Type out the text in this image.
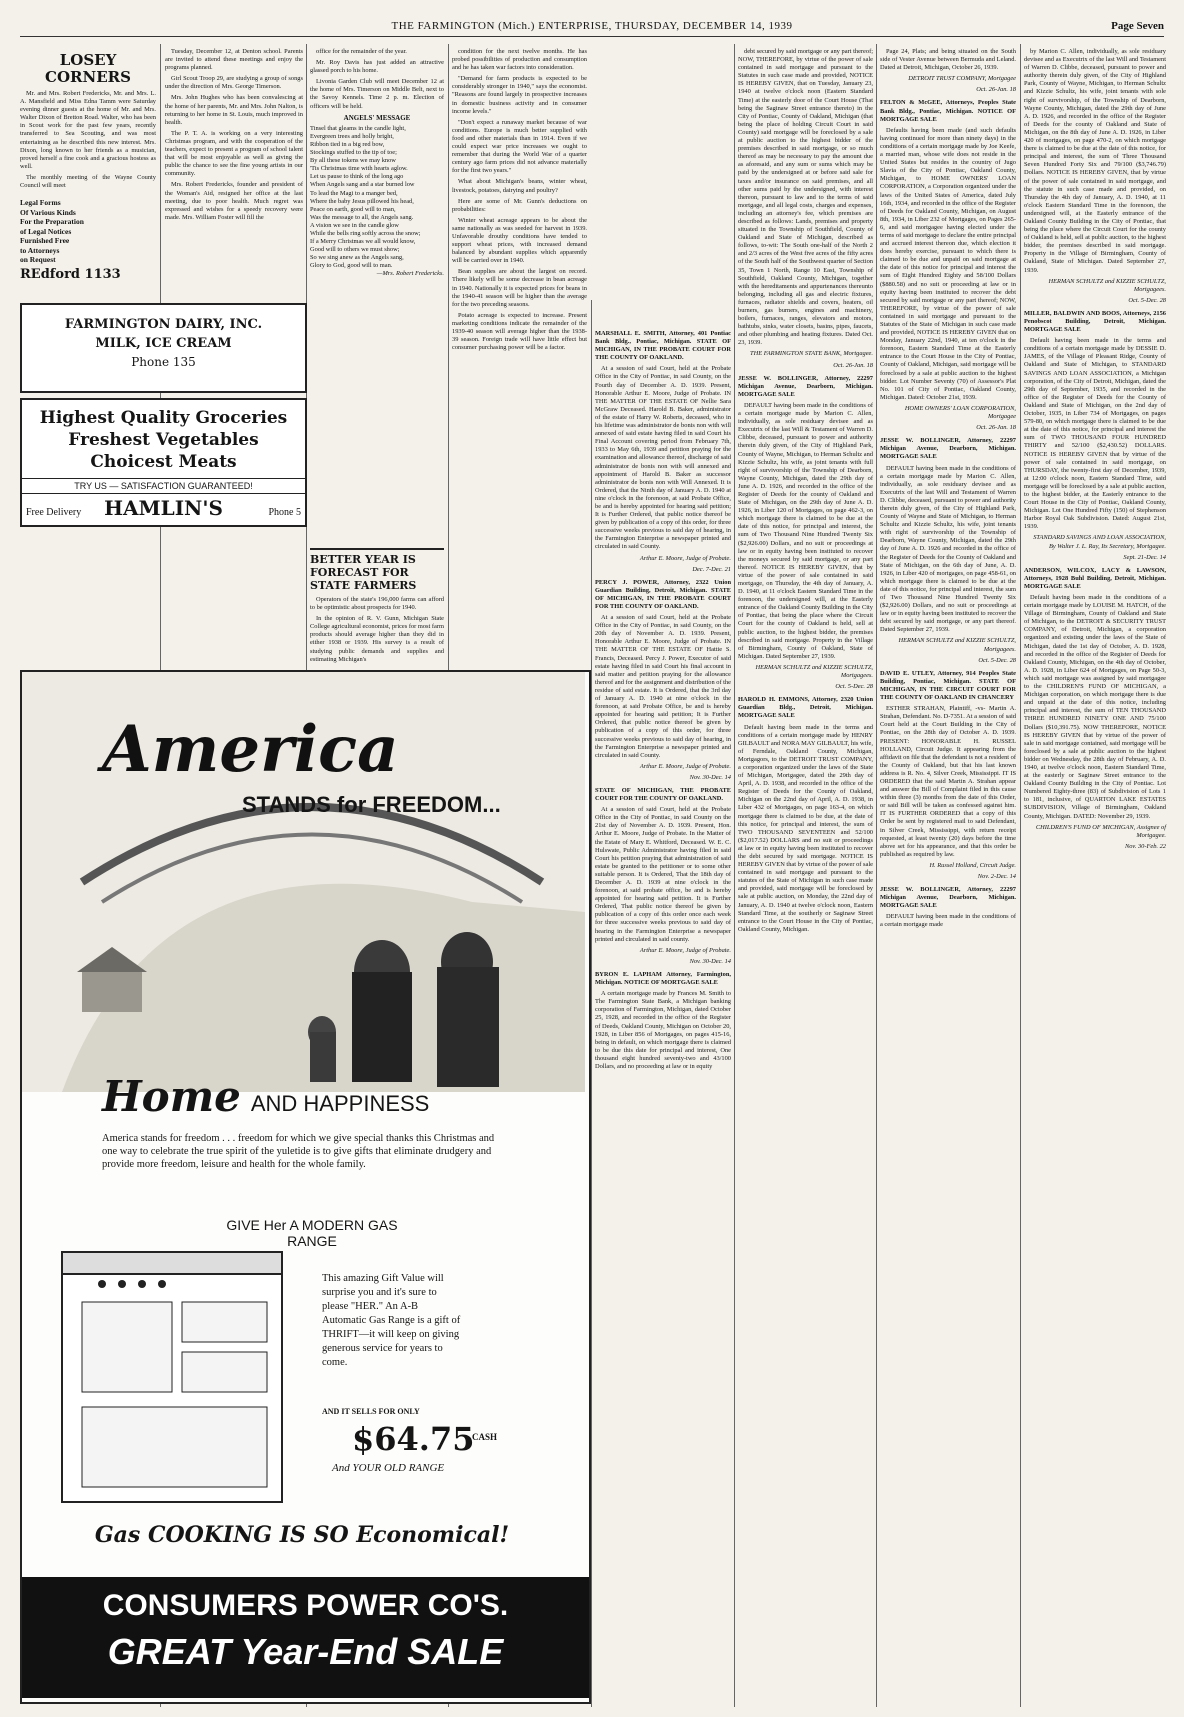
THE FARMINGTON (Mich.) ENTERPRISE, THURSDAY, DECEMBER 14, 1939	Page Seven
LOSEY CORNERS

Mr. and Mrs. Robert Fredericks, Mr. and Mrs. L. A. Mansfield and Miss Edna Tamm were Saturday evening dinner guests at the home of Mr. and Mrs. Walter Dixon of Bretton Road. Walter, who has been in Scout work for the past few years, recently transferred to Sea Scouting, and was most entertaining as he described this new interest. Mrs. Dixon, long known to her friends as a musician, proved herself a fine cook and a gracious hostess as well.

The monthly meeting of the Wayne County Council will meet

Legal Forms
Of Various Kinds
For the Preparation
of Legal Notices
Furnished Free
to Attorneys
on Request
REdford 1133

Tuesday, December 12, at Denton school. Parents are invited to attend these meetings and enjoy the programs planned.

Girl Scout Troop 29, are studying a group of songs under the direction of Mrs. George Timerson.

Mrs. John Hughes who has been convalescing at the home of her parents, Mr. and Mrs. John Nalton, is returning to her home in St. Louis, much improved in health.

The P. T. A. is working on a very interesting Christmas program, and with the cooperation of the teachers, expect to present a program of school talent that will be most enjoyable as well as giving the public the chance to see the fine young artists in our community.

Mrs. Robert Fredericks, founder and president of the Woman's Aid, resigned her office at the last meeting, due to poor health. Much regret was expressed and wishes for a speedy recovery were made. Mrs. William Foster will fill the

office for the remainder of the year.

Mr. Roy Davis has just added an attractive glassed porch to his home.

Livonia Garden Club will meet December 12 at the home of Mrs. Timerson on Middle Belt, next to the Savoy Kennels. Time 2 p. m. Election of officers will be held.

ANGELS' MESSAGE
Tinsel that gleams in the candle light,
Evergreen trees and holly bright,
Ribbon tied in a big red bow,
Stockings stuffed to the tip of toe;
By all these tokens we may know
'Tis Christmas time with hearts aglow.
Let us pause to think of the long ago
When Angels sang and a star burned low
To lead the Magi to a manger bed,
Where the baby Jesus pillowed his head,
Peace on earth, good will to man,
Was the message to all, the Angels sang.
A vision we see in the candle glow
While the bells ring softly across the snow;
If a Merry Christmas we all would know,
Good will to others we must show;
So we sing anew as the Angels sang,
Glory to God, good will to man.
—Mrs. Robert Fredericks.
FARMINGTON DAIRY, INC.
MILK, ICE CREAM
Phone 135
Highest Quality Groceries
Freshest Vegetables
Choicest Meats
TRY US — SATISFACTION GUARANTEED!
Free Delivery	HAMLIN'S	Phone 5

condition for the next twelve months. He has probed possibilities of production and consumption and he has taken war factors into consideration.

"Demand for farm products is expected to be considerably stronger in 1940," says the economist. "Reasons are found largely in prospective increases in domestic business activity and in consumer income levels."

"Don't expect a runaway market because of war conditions. Europe is much better supplied with food and other materials than in 1914. Even if we could expect war price increases we ought to remember that during the World War of a quarter century ago farm prices did not advance materially for the first two years."

What about Michigan's beans, winter wheat, livestock, potatoes, dairying and poultry?

Here are some of Mr. Gunn's deductions on probabilities:

Winter wheat acreage appears to be about the same nationally as was seeded for harvest in 1939. Unfavorable drouthy conditions have tended to support wheat prices, with increased demand balanced by abundant supplies which apparently will be carried over in 1940.

Bean supplies are about the largest on record. There likely will be some decrease in bean acreage in 1940. Nationally it is expected prices for beans in the 1940-41 season will be higher than the average for the two preceding seasons.

Potato acreage is expected to increase. Present marketing conditions indicate the remainder of the 1939-40 season will average higher than the 1938-39 season. Foreign trade will have little effect but consumer purchasing power will be a factor.

BETTER YEAR IS FORECAST FOR STATE FARMERS

Operators of the state's 196,000 farms can afford to be optimistic about prospects for 1940.

In the opinion of R. V. Gunn, Michigan State College agricultural economist, prices for most farm products should average higher than they did in either 1938 or 1939. His survey is a result of studying public demands and supplies and estimating Michigan's

America
STANDS for FREEDOM...
Home AND HAPPINESS
America stands for freedom . . . freedom for which we give special thanks this Christmas and one way to celebrate the true spirit of the yuletide is to give gifts that eliminate drudgery and provide more freedom, leisure and health for the whole family.
GIVE Her A MODERN GAS RANGE
This amazing Gift Value will surprise you and it's sure to please "HER." An A-B Automatic Gas Range is a gift of THRIFT—it will keep on giving generous service for years to come.
AND IT SELLS FOR ONLY
$64.75
CASH
And YOUR OLD RANGE
Gas COOKING IS SO Economical!
CONSUMERS POWER CO'S.
GREAT Year-End SALE

MARSHALL E. SMITH, Attorney, 401 Pontiac Bank Bldg., Pontiac, Michigan. STATE OF MICHIGAN, IN THE PROBATE COURT FOR THE COUNTY OF OAKLAND.

At a session of said Court, held at the Probate Office in the City of Pontiac, in said County, on the Fourth day of December A. D. 1939. Present, Honorable Arthur E. Moore, Judge of Probate. IN THE MATTER OF THE ESTATE OF Nellie Sara McGraw Deceased. Harold B. Baker, administrator of the estate of Harry W. Roberts, deceased, who in his lifetime was administrator de bonis non with will annexed of said estate having filed in said Court his Final Account covering period from February 7th, 1933 to May 6th, 1939 and petition praying for the examination and allowance thereof, discharge of said administrator de bonis non with will annexed and appointment of Harold B. Baker as successor administrator de bonis non with Will Annexed. It is Ordered, that the Ninth day of January A. D. 1940 at nine o'clock in the forenoon, at said Probate Office, be and is hereby appointed for hearing said petition; It is Further Ordered, that public notice thereof be given by publication of a copy of this order, for three successive weeks previous to said day of hearing, in the Farmington Enterprise a newspaper printed and circulated in said County.

Arthur E. Moore, Judge of Probate.

Dec. 7-Dec. 21

PERCY J. POWER, Attorney, 2322 Union Guardian Building, Detroit, Michigan. STATE OF MICHIGAN, IN THE PROBATE COURT FOR THE COUNTY OF OAKLAND.

At a session of said Court, held at the Probate Office in the City of Pontiac, in said County, on the 20th day of November A. D. 1939. Present, Honorable Arthur E. Moore, Judge of Probate. IN THE MATTER OF THE ESTATE OF Hattie S. Francis, Deceased. Percy J. Power, Executor of said estate having filed in said Court his final account in said matter and petition praying for the allowance thereof and for the assignment and distribution of the residue of said estate. It is Ordered, that the 3rd day of January A. D. 1940 at nine o'clock in the forenoon, at said Probate Office, be and is hereby appointed for hearing said petition; It is Further Ordered, that public notice thereof be given by publication of a copy of this order, for three successive weeks previous to said day of hearing, in the Farmington Enterprise a newspaper printed and circulated in said County.

Arthur E. Moore, Judge of Probate.

Nov. 30-Dec. 14

STATE OF MICHIGAN, THE PROBATE COURT FOR THE COUNTY OF OAKLAND.

At a session of said Court, held at the Probate Office in the City of Pontiac, in said County on the 21st day of November A. D. 1939. Present, Hon. Arthur E. Moore, Judge of Probate. In the Matter of the Estate of Mary E. Whitford, Deceased. W. E. C. Hulswate, Public Administrator having filed in said Court his petition praying that administration of said estate be granted to the petitioner or to some other suitable person. It is Ordered, That the 18th day of December A. D. 1939 at nine o'clock in the forenoon, at said probate office, be and is hereby appointed for hearing said petition. It is Further Ordered, That public notice thereof be given by publication of a copy of this order once each week for three successive weeks previous to said day of hearing in the Farmington Enterprise a newspaper printed and circulated in said county.

Arthur E. Moore, Judge of Probate.

Nov. 30-Dec. 14

BYRON E. LAPHAM Attorney, Farmington, Michigan. NOTICE OF MORTGAGE SALE

A certain mortgage made by Frances M. Smith to The Farmington State Bank, a Michigan banking corporation of Farmington, Michigan, dated October 25, 1928, and recorded in the office of the Register of Deeds, Oakland County, Michigan on October 20, 1928, in Liber 856 of Mortgages, on pages 415-16, being in default, on which mortgage there is claimed to be due this date for principal and interest, One thousand eight hundred seventy-two and 43/100 Dollars, and no proceeding at law or in equity

debt secured by said mortgage or any part thereof; NOW, THEREFORE, by virtue of the power of sale contained in said mortgage and pursuant to the Statutes in such case made and provided, NOTICE IS HEREBY GIVEN, that on Tuesday, January 23, 1940 at twelve o'clock noon (Eastern Standard Time) at the easterly door of the Court House (That being the Saginaw Street entrance thereto) in the City of Pontiac, County of Oakland, Michigan (that being the place of holding Circuit Court in said County) said mortgage will be foreclosed by a sale at public auction to the highest bidder of the premises described in said mortgage, or so much thereof as may be necessary to pay the amount due as aforesaid, and any sum or sums which may be paid by the undersigned at or before said sale for taxes and/or insurance on said premises, and all other sums paid by the undersigned, with interest thereon, pursuant to law and to the terms of said mortgage, and all legal costs, charges and expenses, including an attorney's fee, which premises are described as follows: Lands, premises and property situated in the Township of Southfield, County of Oakland and State of Michigan, described as follows, to-wit: The South one-half of the North 2 and 2/3 acres of the West five acres of the fifty acres of the South half of the Southwest quarter of Section 35, Town 1 North, Range 10 East, Township of Southfield, Oakland County, Michigan, together with the hereditaments and appurtenances thereunto belonging, including all gas and electric fixtures, furnaces, radiator shields and covers, heaters, oil burners, gas burners, engines and machinery, boilers, furnaces, ranges, elevators and motors, bathtubs, sinks, water closets, basins, pipes, faucets, and other plumbing and heating fixtures. Dated Oct. 23, 1939.

THE FARMINGTON STATE BANK, Mortgagee.

Oct. 26-Jan. 18

JESSE W. BOLLINGER, Attorney, 22297 Michigan Avenue, Dearborn, Michigan. MORTGAGE SALE

DEFAULT having been made in the conditions of a certain mortgage made by Marion C. Allen, individually, as sole residuary devisee and as Executrix of the last Will & Testament of Warren D. Clibbe, deceased, pursuant to power and authority therein duly given, of the City of Highland Park, County of Wayne, Michigan, to Herman Schultz and Kizzie Schultz, his wife, as joint tenants with full right of survivorship of the Township of Dearborn, Wayne County, Michigan, dated the 29th day of June A. D. 1926, and recorded in the office of the Register of Deeds for the county of Oakland and State of Michigan, on the 29th day of June A. D. 1926, in Liber 120 of Mortgages, on page 462-3, on which mortgage there is claimed to be due at the date of this notice, for principal and interest, the sum of Two Thousand Nine Hundred Twenty Six ($2,926.00) Dollars, and no suit or proceedings at law or in equity having been instituted to recover the moneys secured by said mortgage, or any part thereof. NOTICE IS HEREBY GIVEN, that by virtue of the power of sale contained in said mortgage, on Thursday, the 4th day of January, A. D. 1940, at 11 o'clock Eastern Standard Time in the forenoon, the undersigned will, at the Easterly entrance of the Oakland County Building in the City of Pontiac, that being the place where the Circuit Court for the county of Oakland is held, sell at public auction, to the highest bidder, the premises described in said mortgage. Property in the Village of Birmingham, County of Oakland, State of Michigan. Dated September 27, 1939.

HERMAN SCHULTZ and KIZZIE SCHULTZ, Mortgagees.

Oct. 5-Dec. 28

HAROLD H. EMMONS, Attorney, 2320 Union Guardian Bldg., Detroit, Michigan. MORTGAGE SALE

Default having been made in the terms and conditions of a certain mortgage made by HENRY GILBAULT and NORA MAY GILBAULT, his wife, of Ferndale, Oakland County, Michigan, Mortgagors, to the DETROIT TRUST COMPANY, a corporation organized under the laws of the State of Michigan, Mortgagee, dated the 29th day of April, A. D. 1938, and recorded in the office of the Register of Deeds for the County of Oakland, Michigan on the 22nd day of April, A. D. 1938, in Liber 432 of Mortgages, on page 163-4, on which mortgage there is claimed to be due, at the date of this notice, for principal and interest, the sum of TWO THOUSAND SEVENTEEN and 52/100 ($2,017.52) DOLLARS and no suit or proceedings at law or in equity having been instituted to recover the debt secured by said mortgage. NOTICE IS HEREBY GIVEN that by virtue of the power of sale contained in said mortgage and pursuant to the statutes of the State of Michigan in such case made and provided, said mortgage will be foreclosed by sale at public auction, on Monday, the 22nd day of January, A. D. 1940 at twelve o'clock noon, Eastern Standard Time, at the southerly or Saginaw Street entrance to the Court House in the City of Pontiac, Oakland County, Michigan.

Page 24, Plats; and being situated on the South side of Vester Avenue between Bermuda and Leland. Dated at Detroit, Michigan, October 26, 1939.

DETROIT TRUST COMPANY, Mortgagee

Oct. 26-Jan. 18

FELTON & McGEE, Attorneys, Peoples State Bank Bldg., Pontiac, Michigan. NOTICE OF MORTGAGE SALE

Defaults having been made (and such defaults having continued for more than ninety days) in the conditions of a certain mortgage made by Joe Keefe, a married man, whose wife does not reside in the United States but resides in the country of Jugo Slavia of the City of Pontiac, Oakland County, Michigan, to HOME OWNERS' LOAN CORPORATION, a Corporation organized under the laws of the United States of America, dated July 16th, 1934, and recorded in the office of the Register of Deeds for Oakland County, Michigan, on August 8th, 1934, in Liber 232 of Mortgages, on Pages 265-6, and said mortgagee having elected under the terms of said mortgage to declare the entire principal and accrued interest thereon due, which election it does hereby exercise, pursuant to which there is claimed to be due and unpaid on said mortgage at the date of this notice for principal and interest the sum of Eight Hundred Eighty and 58/100 Dollars ($880.58) and no suit or proceeding at law or in equity having been instituted to recover the debt secured by said mortgage or any part thereof; NOW, THEREFORE, by virtue of the power of sale contained in said mortgage and pursuant to the Statutes of the State of Michigan in such case made and provided, NOTICE IS HEREBY GIVEN that on Monday, January 22nd, 1940, at ten o'clock in the forenoon, Eastern Standard Time at the Easterly entrance to the Court House in the City of Pontiac, County of Oakland, Michigan, said mortgage will be foreclosed by a sale at public auction to the highest bidder. Lot Number Seventy (70) of Assessor's Plat No. 101 of City of Pontiac, Oakland County, Michigan. Dated: October 21st, 1939.

HOME OWNERS' LOAN CORPORATION, Mortgagee

Oct. 26-Jan. 18

JESSE W. BOLLINGER, Attorney, 22297 Michigan Avenue, Dearborn, Michigan. MORTGAGE SALE

DEFAULT having been made in the conditions of a certain mortgage made by Marion C. Allen, individually, as sole residuary devisee and as Executrix of the last Will and Testament of Warren D. Clibbe, deceased, pursuant to power and authority therein duly given, of the City of Highland Park, County of Wayne and State of Michigan, to Herman Schultz and Kizzie Schultz, his wife, joint tenants with right of survivorship of the Township of Dearborn, Wayne County, Michigan, dated the 29th day of June A. D. 1926 and recorded in the office of the Register of Deeds for the County of Oakland and State of Michigan, on the 6th day of June, A. D. 1926, in Liber 420 of mortgages, on page 458-61, on which mortgage there is claimed to be due at the date of this notice, for principal and interest, the sum of Two Thousand Nine Hundred Twenty Six ($2,926.00) Dollars, and no suit or proceedings at law or in equity having been instituted to recover the debt secured by said mortgage, or any part thereof. Dated September 27, 1939.

HERMAN SCHULTZ and KIZZIE SCHULTZ, Mortgagees.

Oct. 5-Dec. 28

DAVID E. UTLEY, Attorney, 914 Peoples State Building, Pontiac, Michigan. STATE OF MICHIGAN, IN THE CIRCUIT COURT FOR THE COUNTY OF OAKLAND IN CHANCERY

ESTHER STRAHAN, Plaintiff, -vs- Martin A. Strahan, Defendant. No. D-7351. At a session of said Court held at the Court Building in the City of Pontiac, on the 28th day of October A. D. 1939. PRESENT: HONORABLE H. RUSSEL HOLLAND, Circuit Judge. It appearing from the affidavit on file that the defendant is not a resident of the County of Oakland, but that his last known address is R. No. 4, Silver Creek, Mississippi. IT IS ORDERED that the said Martin A. Strahan appear and answer the Bill of Complaint filed in this cause within three (3) months from the date of this Order, or said Bill will be taken as confessed against him. IT IS FURTHER ORDERED that a copy of this Order be sent by registered mail to said Defendant, in Silver Creek, Mississippi, with return receipt requested, at least twenty (20) days before the time above set for his appearance, and that this order be published as required by law.

H. Russel Holland, Circuit Judge.

Nov. 2-Dec. 14

JESSE W. BOLLINGER, Attorney, 22297 Michigan Avenue, Dearborn, Michigan. MORTGAGE SALE

DEFAULT having been made in the conditions of a certain mortgage made

by Marion C. Allen, individually, as sole residuary devisee and as Executrix of the last Will and Testament of Warren D. Clibbe, deceased, pursuant to power and authority therein duly given, of the City of Highland Park, County of Wayne, Michigan, to Herman Schultz and Kizzie Schultz, his wife, joint tenants with sole right of survivorship, of the Township of Dearborn, Wayne County, Michigan, dated the 29th day of June A. D. 1926, and recorded in the office of the Register of Deeds for the county of Oakland and State of Michigan, on the 8th day of June A. D. 1926, in Liber 420 of mortgages, on page 470-2, on which mortgage there is claimed to be due at the date of this notice, for principal and interest, the sum of Three Thousand Seven Hundred Forty Six and 79/100 ($3,746.79) Dollars. NOTICE IS HEREBY GIVEN, that by virtue of the power of sale contained in said mortgage, and the statute in such case made and provided, on Thursday the 4th day of January, A. D. 1940, at 11 o'clock Eastern Standard Time in the forenoon, the undersigned will, at the Easterly entrance of the Oakland County Building in the City of Pontiac, that being the place where the Circuit Court for the county of Oakland is held, sell at public auction, to the highest bidder, the premises described in said mortgage. Property in the Village of Birmingham, County of Oakland, State of Michigan. Dated September 27, 1939.

HERMAN SCHULTZ and KIZZIE SCHULTZ, Mortgagees.

Oct. 5-Dec. 28

MILLER, BALDWIN AND BOOS, Attorneys, 2156 Penobscot Building, Detroit, Michigan. MORTGAGE SALE

Default having been made in the terms and conditions of a certain mortgage made by DESSIE D. JAMES, of the Village of Pleasant Ridge, County of Oakland and State of Michigan, to STANDARD SAVINGS AND LOAN ASSOCIATION, a Michigan corporation, of the City of Detroit, Michigan, dated the 29th day of September, 1935, and recorded in the office of the Register of Deeds for the County of Oakland and State of Michigan, on the 2nd day of October, 1935, in Liber 734 of Mortgages, on pages 579-80, on which mortgage there is claimed to be due at the date of this notice, for principal and interest the sum of TWO THOUSAND FOUR HUNDRED THIRTY and 52/100 ($2,430.52) DOLLARS. NOTICE IS HEREBY GIVEN that by virtue of the power of sale contained in said mortgage, on THURSDAY, the twenty-first day of December, 1939, at 12:00 o'clock noon, Eastern Standard Time, said mortgage will be foreclosed by a sale at public auction, to the highest bidder, at the Easterly entrance to the Court House in the City of Pontiac, Oakland County, Michigan. Lot One Hundred Fifty (150) of Stephenson Harbor Royal Oak Subdivision. Dated: August 21st, 1939.

STANDARD SAVINGS AND LOAN ASSOCIATION, By Walter J. L. Ray, Its Secretary, Mortgagee.

Sept. 21-Dec. 14

ANDERSON, WILCOX, LACY & LAWSON, Attorneys, 1928 Buhl Building, Detroit, Michigan. MORTGAGE SALE

Default having been made in the conditions of a certain mortgage made by LOUISE M. HATCH, of the Village of Birmingham, County of Oakland and State of Michigan, to the DETROIT & SECURITY TRUST COMPANY, of Detroit, Michigan, a corporation organized and existing under the laws of the State of Michigan, dated the 1st day of October, A. D. 1928, and recorded in the office of the Register of Deeds for Oakland County, Michigan, on the 4th day of October, A. D. 1928, in Liber 624 of Mortgages, on Page 50-3, which said mortgage was assigned by said mortgagee to the CHILDREN'S FUND OF MICHIGAN, a Michigan corporation, on which mortgage there is due and unpaid at the date of this notice, including principal and interest, the sum of TEN THOUSAND THREE HUNDRED NINETY ONE AND 75/100 Dollars ($10,391.75). NOW THEREFORE, NOTICE IS HEREBY GIVEN that by virtue of the power of sale in said mortgage contained, said mortgage will be foreclosed by a sale at public auction to the highest bidder on Wednesday, the 28th day of February, A. D. 1940, at twelve o'clock noon, Eastern Standard Time, at the easterly or Saginaw Street entrance to the Oakland County Building in the City of Pontiac. Lot Numbered Eighty-three (83) of Subdivision of Lots 1 to 181, inclusive, of QUARTON LAKE ESTATES SUBDIVISION, Village of Birmingham, Oakland County, Michigan. DATED: November 29, 1939.

CHILDREN'S FUND OF MICHIGAN, Assignee of Mortgagee.

Nov. 30-Feb. 22
